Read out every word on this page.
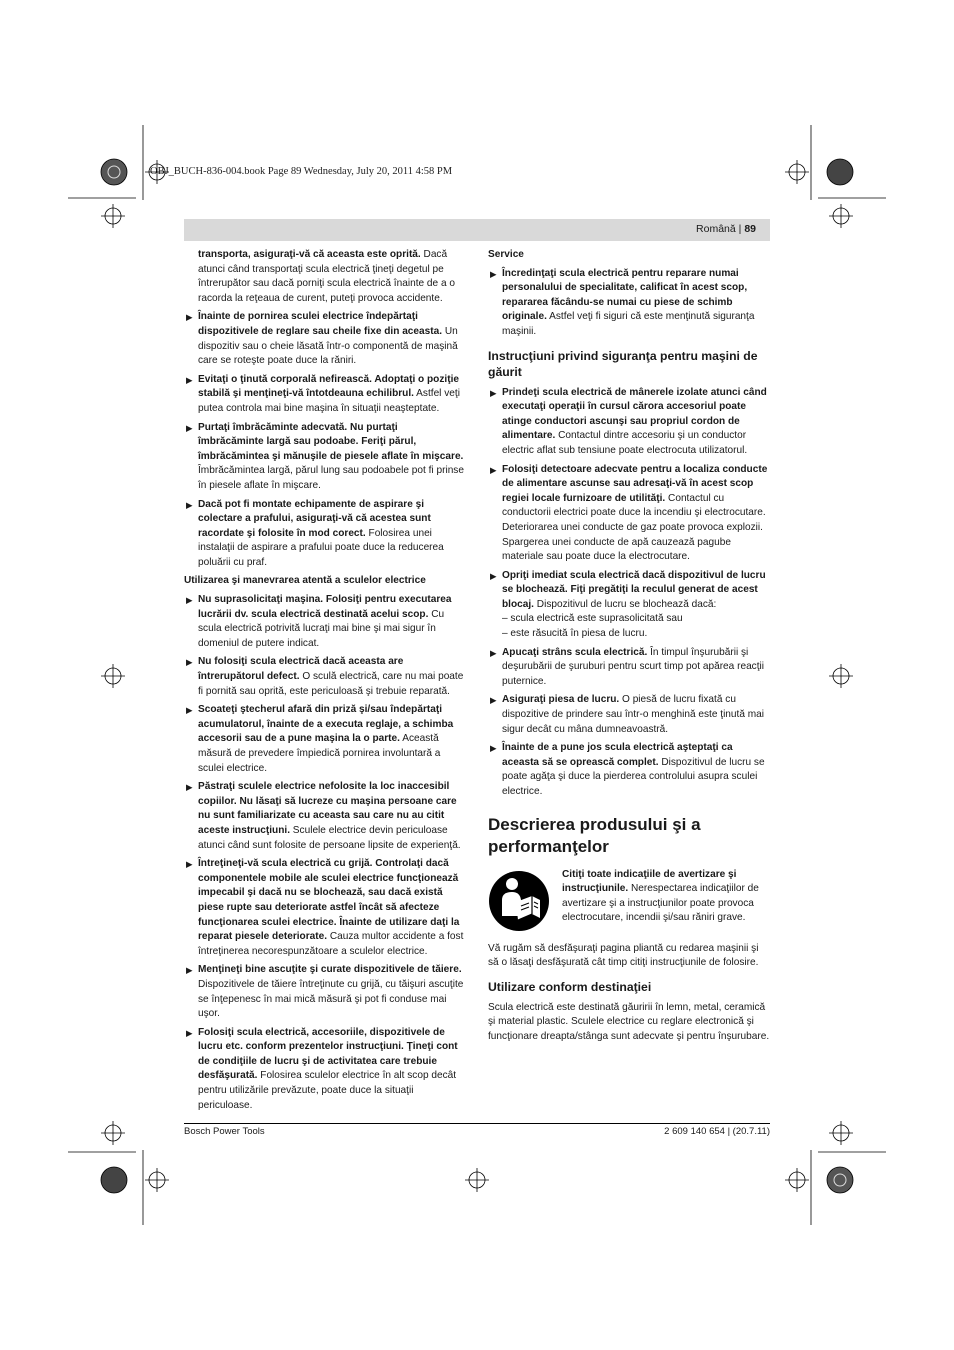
OBJ_BUCH-836-004.book Page 89 Wednesday, July 20, 2011 4:58 PM
Română | 89
transporta, asiguraţi-vă că aceasta este oprită. Dacă atunci când transportaţi scula electrică ţineţi degetul pe întrerupător sau dacă porniţi scula electrică înainte de a o racorda la reţeaua de curent, puteţi provoca accidente.
▶ Înainte de pornirea sculei electrice îndepărtaţi dispozitivele de reglare sau cheile fixe din aceasta. Un dispozitiv sau o cheie lăsată într-o componentă de maşină care se roteşte poate duce la răniri.
▶ Evitaţi o ţinută corporală nefirească. Adoptaţi o poziţie stabilă şi menţineţi-vă întotdeauna echilibrul. Astfel veţi putea controla mai bine maşina în situaţii neaşteptate.
▶ Purtaţi îmbrăcăminte adecvată. Nu purtaţi îmbrăcăminte largă sau podoabe. Feriţi părul, îmbrăcămintea şi mănuşile de piesele aflate în mişcare. Îmbrăcămintea largă, părul lung sau podoabele pot fi prinse în piesele aflate în mişcare.
▶ Dacă pot fi montate echipamente de aspirare şi colectare a prafului, asiguraţi-vă că acestea sunt racordate şi folosite în mod corect. Folosirea unei instalaţii de aspirare a prafului poate duce la reducerea poluării cu praf.
Utilizarea şi manevrarea atentă a sculelor electrice
▶ Nu suprasolicitaţi maşina. Folosiţi pentru executarea lucrării dv. scula electrică destinată acelui scop. Cu scula electrică potrivită lucraţi mai bine şi mai sigur în domeniul de putere indicat.
▶ Nu folosiţi scula electrică dacă aceasta are întrerupătorul defect. O sculă electrică, care nu mai poate fi pornită sau oprită, este periculoasă şi trebuie reparată.
▶ Scoateţi ştecherul afară din priză şi/sau îndepărtaţi acumulatorul, înainte de a executa reglaje, a schimba accesorii sau de a pune maşina la o parte. Această măsură de prevedere împiedică pornirea involuntară a sculei electrice.
▶ Păstraţi sculele electrice nefolosite la loc inaccesibil copiilor. Nu lăsaţi să lucreze cu maşina persoane care nu sunt familiarizate cu aceasta sau care nu au citit aceste instrucţiuni. Sculele electrice devin periculoase atunci când sunt folosite de persoane lipsite de experienţă.
▶ Întreţineţi-vă scula electrică cu grijă. Controlaţi dacă componentele mobile ale sculei electrice funcţionează impecabil şi dacă nu se blochează, sau dacă există piese rupte sau deteriorate astfel încât să afecteze funcţionarea sculei electrice. Înainte de utilizare daţi la reparat piesele deteriorate. Cauza multor accidente a fost întreţinerea necorespunzătoare a sculelor electrice.
▶ Menţineţi bine ascuţite şi curate dispozitivele de tăiere. Dispozitivele de tăiere întreţinute cu grijă, cu tăişuri ascuţite se înţepenesc în mai mică măsură şi pot fi conduse mai uşor.
▶ Folosiţi scula electrică, accesoriile, dispozitivele de lucru etc. conform prezentelor instrucţiuni. Ţineţi cont de condiţiile de lucru şi de activitatea care trebuie desfăşurată. Folosirea sculelor electrice în alt scop decât pentru utilizările prevăzute, poate duce la situaţii periculoase.
Service
▶ Încredinţaţi scula electrică pentru reparare numai personalului de specialitate, calificat în acest scop, repararea făcându-se numai cu piese de schimb originale. Astfel veţi fi siguri că este menţinută siguranţa maşinii.
Instrucţiuni privind siguranţa pentru maşini de găurit
▶ Prindeţi scula electrică de mânerele izolate atunci când executaţi operaţii în cursul cărora accesoriul poate atinge conductori ascunşi sau propriul cordon de alimentare. Contactul dintre accesoriu şi un conductor electric aflat sub tensiune poate electrocuta utilizatorul.
▶ Folosiţi detectoare adecvate pentru a localiza conducte de alimentare ascunse sau adresaţi-vă în acest scop regiei locale furnizoare de utilităţi. Contactul cu conductorii electrici poate duce la incendiu şi electrocutare. Deteriorarea unei conducte de gaz poate provoca explozii. Spargerea unei conducte de apă cauzează pagube materiale sau poate duce la electrocutare.
▶ Opriţi imediat scula electrică dacă dispozitivul de lucru se blochează. Fiţi pregătiţi la reculul generat de acest blocaj. Dispozitivul de lucru se blochează dacă:
– scula electrică este suprasolicitată sau
– este răsucită în piesa de lucru.
▶ Apucaţi strâns scula electrică. În timpul înşurubării şi deşurubării de şuruburi pentru scurt timp pot apărea reacţii puternice.
▶ Asiguraţi piesa de lucru. O piesă de lucru fixată cu dispozitive de prindere sau într-o menghină este ţinută mai sigur decât cu mâna dumneavoastră.
▶ Înainte de a pune jos scula electrică aşteptaţi ca aceasta să se oprească complet. Dispozitivul de lucru se poate agăţa şi duce la pierderea controlului asupra sculei electrice.
Descrierea produsului şi a performanţelor
Citiţi toate indicaţiile de avertizare şi instrucţiunile. Nerespectarea indicaţiilor de avertizare şi a instrucţiunilor poate provoca electrocutare, incendii şi/sau răniri grave.
Vă rugăm să desfăşuraţi pagina pliantă cu redarea maşinii şi să o lăsaţi desfăşurată cât timp citiţi instrucţiunile de folosire.
Utilizare conform destinaţiei
Scula electrică este destinată găuririi în lemn, metal, ceramică şi material plastic. Sculele electrice cu reglare electronică şi funcţionare dreapta/stânga sunt adecvate şi pentru înşurubare.
Bosch Power Tools	2 609 140 654 | (20.7.11)
